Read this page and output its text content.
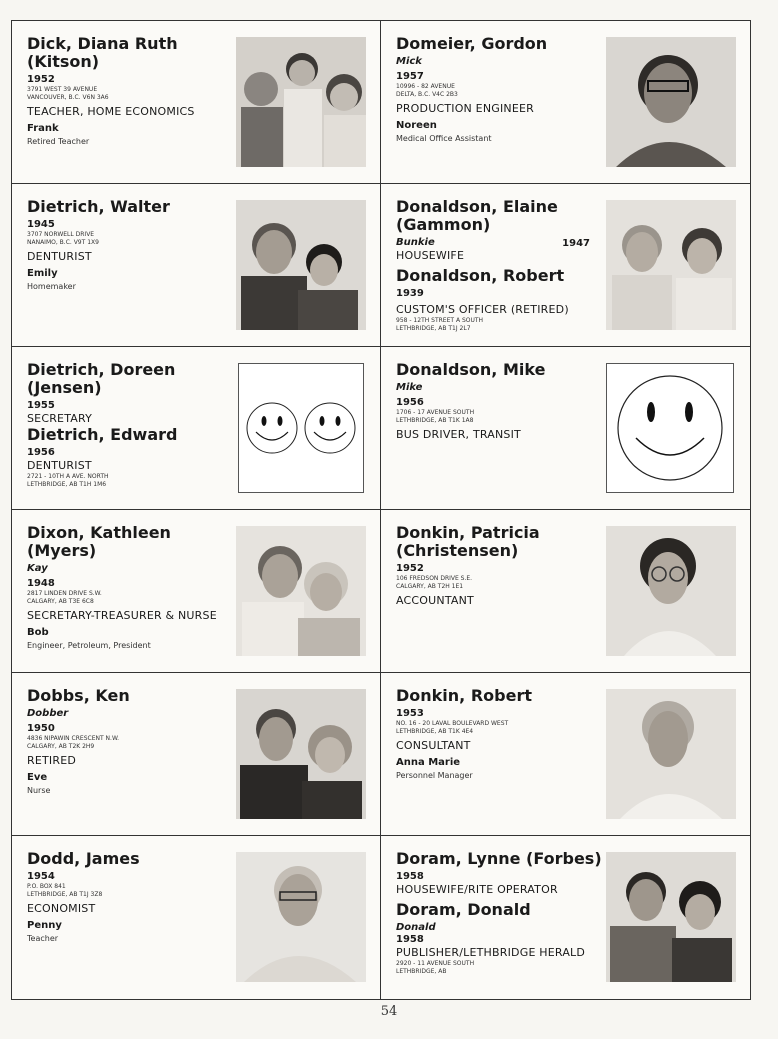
Dick, Diana Ruth (Kitson)
1952
3791 WEST 39 AVENUE
VANCOUVER, B.C. V6N 3A6
TEACHER, HOME ECONOMICS
Frank
Retired Teacher
Domeier, Gordon
Mick
1957
10996 - 82 AVENUE
DELTA, B.C. V4C 2B3
PRODUCTION ENGINEER
Noreen
Medical Office Assistant
Dietrich, Walter
1945
3707 NORWELL DRIVE
NANAIMO, B.C. V9T 1X9
DENTURIST
Emily
Homemaker
Donaldson, Elaine (Gammon)
Bunkie	1947
HOUSEWIFE
Donaldson, Robert
1939
CUSTOM'S OFFICER (RETIRED)
958 - 12TH STREET A SOUTH
LETHBRIDGE, AB T1J 2L7
Dietrich, Doreen (Jensen)
1955
SECRETARY
Dietrich, Edward
1956
DENTURIST
2721 - 10TH A AVE. NORTH
LETHBRIDGE, AB T1H 1M6
Donaldson, Mike
Mike
1956
1706 - 17 AVENUE SOUTH
LETHBRIDGE, AB T1K 1A8
BUS DRIVER, TRANSIT
Dixon, Kathleen (Myers)
Kay
1948
2817 LINDEN DRIVE S.W.
CALGARY, AB T3E 6C8
SECRETARY-TREASURER & NURSE
Bob
Engineer, Petroleum, President
Donkin, Patricia (Christensen)
1952
106 FREDSON DRIVE S.E.
CALGARY, AB T2H 1E1
ACCOUNTANT
Dobbs, Ken
Dobber
1950
4836 NIPAWIN CRESCENT N.W.
CALGARY, AB T2K 2H9
RETIRED
Eve
Nurse
Donkin, Robert
1953
NO. 16 - 20 LAVAL BOULEVARD WEST
LETHBRIDGE, AB T1K 4E4
CONSULTANT
Anna Marie
Personnel Manager
Dodd, James
1954
P.O. BOX 841
LETHBRIDGE, AB T1J 3Z8
ECONOMIST
Penny
Teacher
Doram, Lynne (Forbes)
1958
HOUSEWIFE/RITE OPERATOR
Doram, Donald
Donald
1958
PUBLISHER/LETHBRIDGE HERALD
2920 - 11 AVENUE SOUTH
LETHBRIDGE, AB
54
